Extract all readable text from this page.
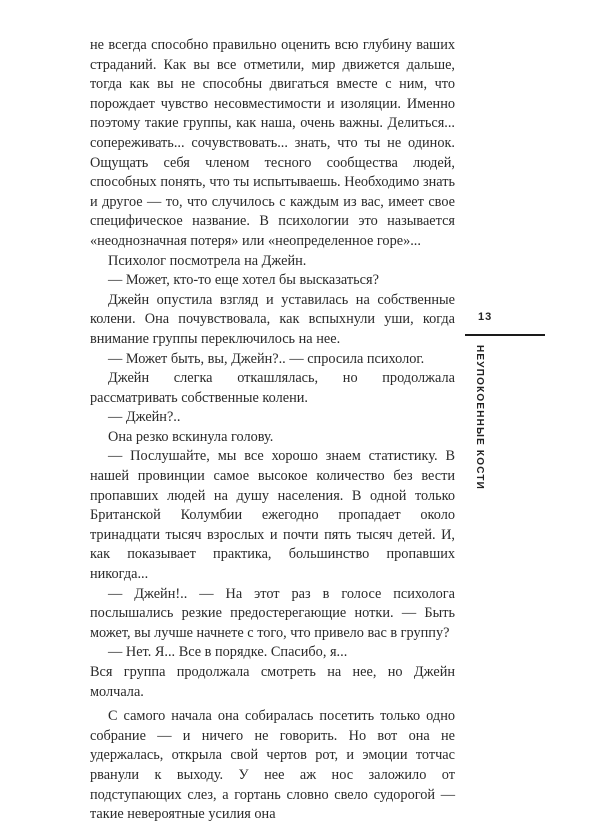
не всегда способно правильно оценить всю глубину ваших страданий. Как вы все отметили, мир движется дальше, тогда как вы не способны двигаться вместе с ним, что порождает чувство несовместимости и изоляции. Именно поэтому такие группы, как наша, очень важны. Делиться... сопереживать... сочувствовать... знать, что ты не одинок. Ощущать себя членом тесного сообщества людей, способных понять, что ты испытываешь. Необходимо знать и другое — то, что случилось с каждым из вас, имеет свое специфическое название. В психологии это называется «неоднозначная потеря» или «неопределенное горе»...

Психолог посмотрела на Джейн.

— Может, кто-то еще хотел бы высказаться?

Джейн опустила взгляд и уставилась на собственные колени. Она почувствовала, как вспыхнули уши, когда внимание группы переключилось на нее.

— Может быть, вы, Джейн?.. — спросила психолог.

Джейн слегка откашлялась, но продолжала рассматривать собственные колени.

— Джейн?..

Она резко вскинула голову.

— Послушайте, мы все хорошо знаем статистику. В нашей провинции самое высокое количество без вести пропавших людей на душу населения. В одной только Британской Колумбии ежегодно пропадает около тринадцати тысяч взрослых и почти пять тысяч детей. И, как показывает практика, большинство пропавших никогда...

— Джейн!.. — На этот раз в голосе психолога послышались резкие предостерегающие нотки. — Быть может, вы лучше начнете с того, что привело вас в группу?

— Нет. Я... Все в порядке. Спасибо, я...

Вся группа продолжала смотреть на нее, но Джейн молчала.

С самого начала она собиралась посетить только одно собрание — и ничего не говорить. Но вот она не удержалась, открыла свой чертов рот, и эмоции тотчас рванули к выходу. У нее аж нос заложило от подступающих слез, а гортань словно свело судорогой — такие невероятные усилия она

13
НЕУПОКОЕННЫЕ КОСТИ
